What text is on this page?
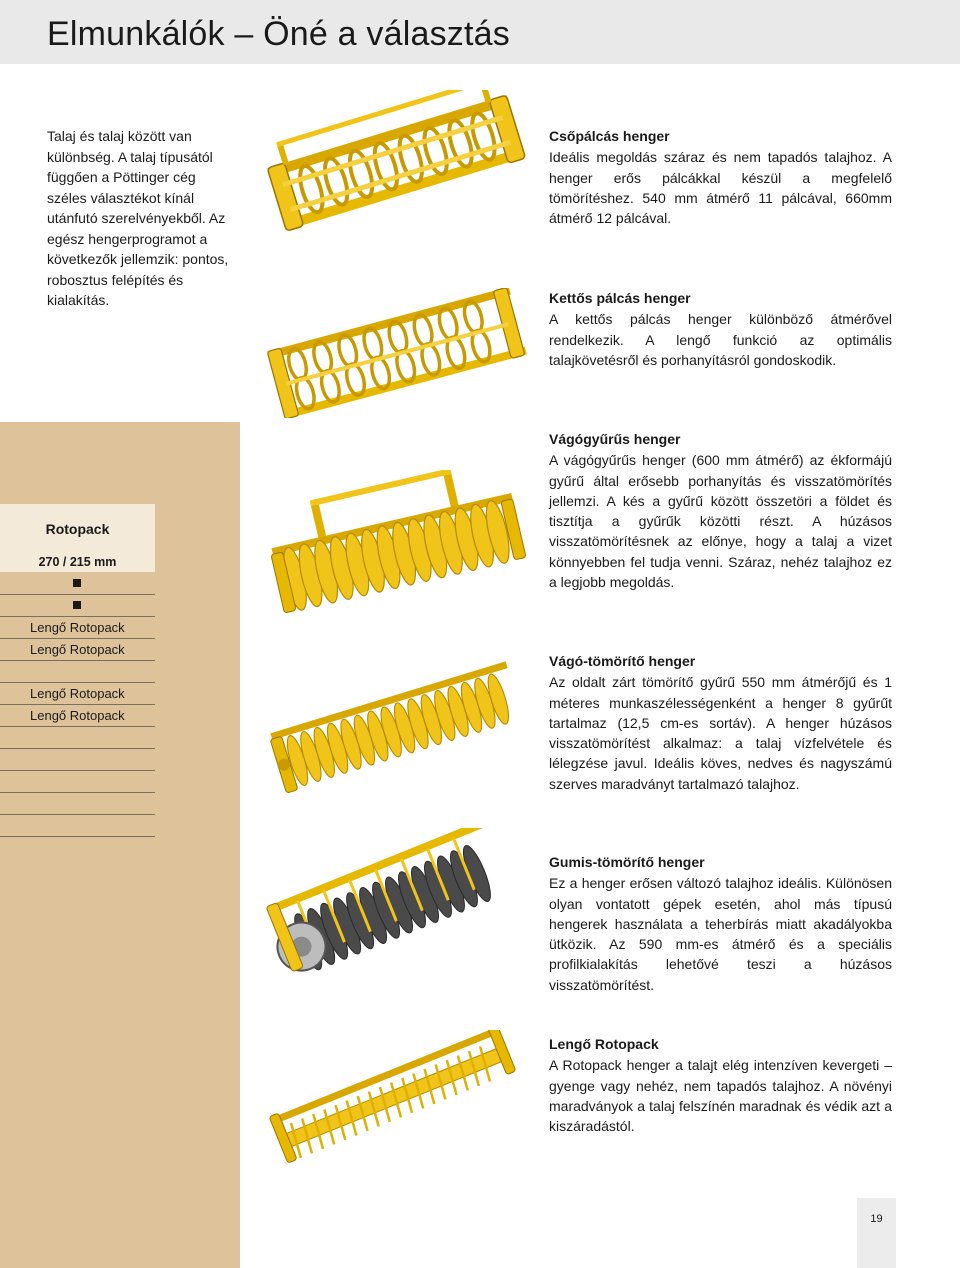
Elmunkálók – Öné a választás

Talaj és talaj között van különbség. A talaj típusától függően a Pöttinger cég széles választékot kínál utánfutó szerelvényekből. Az egész hengerprogramot a következők jellemzik: pontos, robosztus felépítés és kialakítás.

Rotopack
270 / 215 mm
Lengő Rotopack
Lengő Rotopack
Lengő Rotopack
Lengő Rotopack
Csőpálcás henger

Ideális megoldás száraz és nem tapadós talajhoz. A henger erős pálcákkal készül a megfelelő tömörítéshez. 540 mm átmérő 11 pálcával, 660mm átmérő 12 pálcával.

Kettős pálcás henger

A kettős pálcás henger különböző átmérővel rendelkezik. A lengő funkció az optimális talajkövetésről és porhanyításról gondoskodik.

Vágógyűrűs henger

A vágógyűrűs henger (600 mm átmérő) az ékformájú gyűrű által erősebb porhanyítás és visszatömörítés jellemzi. A kés a gyűrű között összetöri a földet és tisztítja a gyűrűk közötti részt. A húzásos visszatömörítésnek az előnye, hogy a talaj a vizet könnyebben fel tudja venni. Száraz, nehéz talajhoz ez a legjobb megoldás.

Vágó-tömörítő henger

Az oldalt zárt tömörítő gyűrű 550 mm átmérőjű és 1 méteres munkaszélességenként a henger 8 gyűrűt tartalmaz (12,5 cm-es sortáv). A henger húzásos visszatömörítést alkalmaz: a talaj vízfelvétele és lélegzése javul. Ideális köves, nedves és nagyszámú szerves maradványt tartalmazó talajhoz.

Gumis-tömörítő henger

Ez a henger erősen változó talajhoz ideális. Különösen olyan vontatott gépek esetén, ahol más típusú hengerek használata a teherbírás miatt akadályokba ütközik. Az 590 mm-es átmérő és a speciális profilkialakítás lehetővé teszi a húzásos visszatömörítést.

Lengő Rotopack

A Rotopack henger a talajt elég intenzíven kevergeti – gyenge vagy nehéz, nem tapadós talajhoz. A növényi maradványok a talaj felszínén maradnak és védik azt a kiszáradástól.

19
